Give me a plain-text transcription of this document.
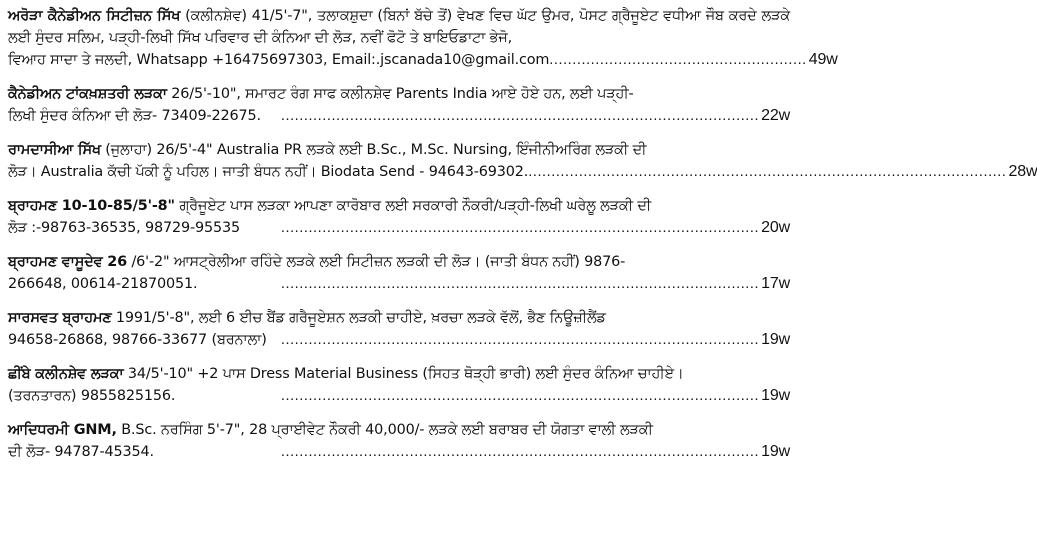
ਅਰੋੜਾ ਕੈਨੇਡੀਅਨ ਸਿਟੀਜ਼ਨ ਸਿੱਖ (ਕਲੀਨਸ਼ੇਵ) 41/5'-7", ਤਲਾਕਸ਼ੁਦਾ (ਬਿਨਾਂ ਬੱਚੇ ਤੋਂ) ਵੇਖਣ ਵਿਚ ਘੱਟ ਉਮਰ, ਪੋਸਟ ਗ੍ਰੈਜੂਏਟ ਵਧੀਆ ਜੌਬ ਕਰਦੇ ਲੜਕੇ ਲਈ ਸੁੰਦਰ ਸਲਿਮ, ਪੜ੍ਹੀ-ਲਿਖੀ ਸਿੱਖ ਪਰਿਵਾਰ ਦੀ ਕੰਨਿਆ ਦੀ ਲੋੜ, ਨਵੀਂ ਫੋਟੋ ਤੇ ਬਾਇਓਡਾਟਾ ਭੇਜੋ,
ਵਿਆਹ ਸਾਦਾ ਤੇ ਜਲਦੀ, Whatsapp +16475697303, Email:.jscanada10@gmail.com ........................................................ 49w
ਕੈਨੇਡੀਅਨ ਟਾਂਕਖ਼ਸ਼ਤਰੀ ਲੜਕਾ 26/5'-10", ਸਮਾਰਟ ਰੰਗ ਸਾਫ ਕਲੀਨਸ਼ੇਵ Parents India ਆਏ ਹੋਏ ਹਨ, ਲਈ ਪੜ੍ਹੀ-
ਲਿਖੀ ਸੁੰਦਰ ਕੰਨਿਆ ਦੀ ਲੋੜ- 73409-22675.	........................................................................................................ 22w
ਰਾਮਦਾਸੀਆ ਸਿੱਖ (ਜੁਲਾਹਾ) 26/5'-4" Australia PR ਲੜਕੇ ਲਈ B.Sc., M.Sc. Nursing, ਇੰਜੀਨੀਅਰਿੰਗ ਲੜਕੀ ਦੀ
ਲੋੜ। Australia ਕੱਚੀ ਪੱਕੀ ਨੂੰ ਪਹਿਲ। ਜਾਤੀ ਬੰਧਨ ਨਹੀਂ। Biodata Send - 94643-69302. ........................................................................................................ 28w
ਬ੍ਰਾਹਮਣ 10-10-85/5'-8" ਗ੍ਰੈਜੂਏਟ ਪਾਸ ਲੜਕਾ ਆਪਣਾ ਕਾਰੋਬਾਰ ਲਈ ਸਰਕਾਰੀ ਨੌਕਰੀ/ਪੜ੍ਹੀ-ਲਿਖੀ ਘਰੇਲੂ ਲੜਕੀ ਦੀ
ਲੋੜ :-98763-36535, 98729-95535	........................................................................................................ 20w
ਬ੍ਰਾਹਮਣ ਵਾਸੂਦੇਵ 26 /6'-2" ਆਸਟ੍ਰੇਲੀਆ ਰਹਿੰਦੇ ਲੜਕੇ ਲਈ ਸਿਟੀਜ਼ਨ ਲੜਕੀ ਦੀ ਲੋੜ। (ਜਾਤੀ ਬੰਧਨ ਨਹੀਂ) 9876-
266648, 00614-21870051.	........................................................................................................ 17w
ਸਾਰਸਵਤ ਬ੍ਰਾਹਮਣ 1991/5'-8", ਲਈ 6 ਈਚ ਬੈਂਡ ਗਰੈਜੂਏਸ਼ਨ ਲੜਕੀ ਚਾਹੀਏ, ਖ਼ਰਚਾ ਲੜਕੇ ਵੱਲੋਂ, ਭੈਣ ਨਿਊਜ਼ੀਲੈਂਡ
94658-26868, 98766-33677 (ਬਰਨਾਲਾ) ........................................................................................................ 19w
ਛੀਂਬੇ ਕਲੀਨਸ਼ੇਵ ਲੜਕਾ 34/5'-10" +2 ਪਾਸ Dress Material Business (ਸਿਹਤ ਥੋੜ੍ਹੀ ਭਾਰੀ) ਲਈ ਸੁੰਦਰ ਕੰਨਿਆ ਚਾਹੀਏ।
(ਤਰਨਤਾਰਨ) 9855825156.	........................................................................................................ 19w
ਆਦਿਧਰਮੀ GNM, B.Sc. ਨਰਸਿੰਗ 5'-7", 28 ਪ੍ਰਾਈਵੇਟ ਨੌਕਰੀ 40,000/- ਲੜਕੇ ਲਈ ਬਰਾਬਰ ਦੀ ਯੋਗਤਾ ਵਾਲੀ ਲੜਕੀ
ਦੀ ਲੋੜ- 94787-45354.	........................................................................................................ 19w
